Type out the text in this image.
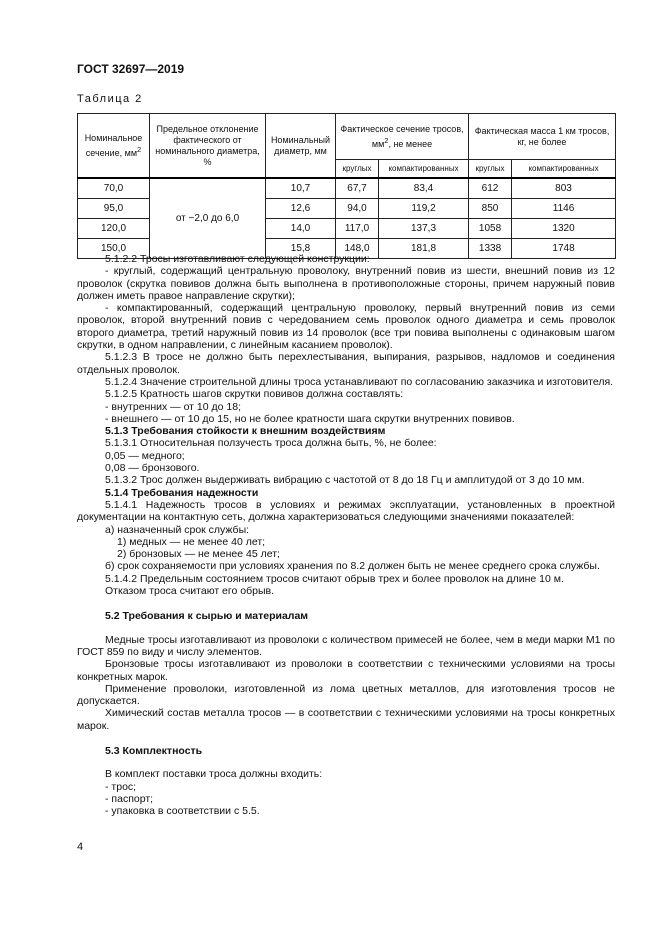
ГОСТ 32697—2019
Таблица 2
Номинальное сечение, $мм^2$	Предельное отклонение фактического от номинального диаметра, %	Номинальный диаметр, мм	Фактическое сечение тросов, $мм^2$, не менее		Фактическая масса 1 км тросов, кг, не более	
			круглых	компактированных	круглых	компактированных
70,0	от −2,0 до 6,0	10,7	67,7	83,4	612	803
95,0		12,6	94,0	119,2	850	1146
120,0		14,0	117,0	137,3	1058	1320
150,0		15,8	148,0	181,8	1338	1748

5.1.2.2 Тросы изготавливают следующей конструкции:

- круглый, содержащий центральную проволоку, внутренний повив из шести, внешний повив из 12 проволок (скрутка повивов должна быть выполнена в противоположные стороны, причем наружный повив должен иметь правое направление скрутки);

- компактированный, содержащий центральную проволоку, первый внутренний повив из семи проволок, второй внутренний повив с чередованием семь проволок одного диаметра и семь проволок второго диаметра, третий наружный повив из 14 проволок (все три повива выполнены с одинаковым шагом скрутки, в одном направлении, с линейным касанием проволок).

5.1.2.3 В тросе не должно быть перехлестывания, выпирания, разрывов, надломов и соединения отдельных проволок.

5.1.2.4 Значение строительной длины троса устанавливают по согласованию заказчика и изготовителя.

5.1.2.5 Кратность шагов скрутки повивов должна составлять:

- внутренних — от 10 до 18;

- внешнего — от 10 до 15, но не более кратности шага скрутки внутренних повивов.

5.1.3 Требования стойкости к внешним воздействиям

5.1.3.1 Относительная ползучесть троса должна быть, %, не более:

0,05 — медного;

0,08 — бронзового.

5.1.3.2 Трос должен выдерживать вибрацию с частотой от 8 до 18 Гц и амплитудой от 3 до 10 мм.

5.1.4 Требования надежности

5.1.4.1 Надежность тросов в условиях и режимах эксплуатации, установленных в проектной документации на контактную сеть, должна характеризоваться следующими значениями показателей:

а) назначенный срок службы:

1) медных — не менее 40 лет;

2) бронзовых — не менее 45 лет;

б) срок сохраняемости при условиях хранения по 8.2 должен быть не менее среднего срока службы.

5.1.4.2 Предельным состоянием тросов считают обрыв трех и более проволок на длине 10 м.

Отказом троса считают его обрыв.

5.2 Требования к сырью и материалам

Медные тросы изготавливают из проволоки с количеством примесей не более, чем в меди марки М1 по ГОСТ 859 по виду и числу элементов.

Бронзовые тросы изготавливают из проволоки в соответствии с техническими условиями на тросы конкретных марок.

Применение проволоки, изготовленной из лома цветных металлов, для изготовления тросов не допускается.

Химический состав металла тросов — в соответствии с техническими условиями на тросы конкретных марок.

5.3 Комплектность

В комплект поставки троса должны входить:

- трос;

- паспорт;

- упаковка в соответствии с 5.5.

4
